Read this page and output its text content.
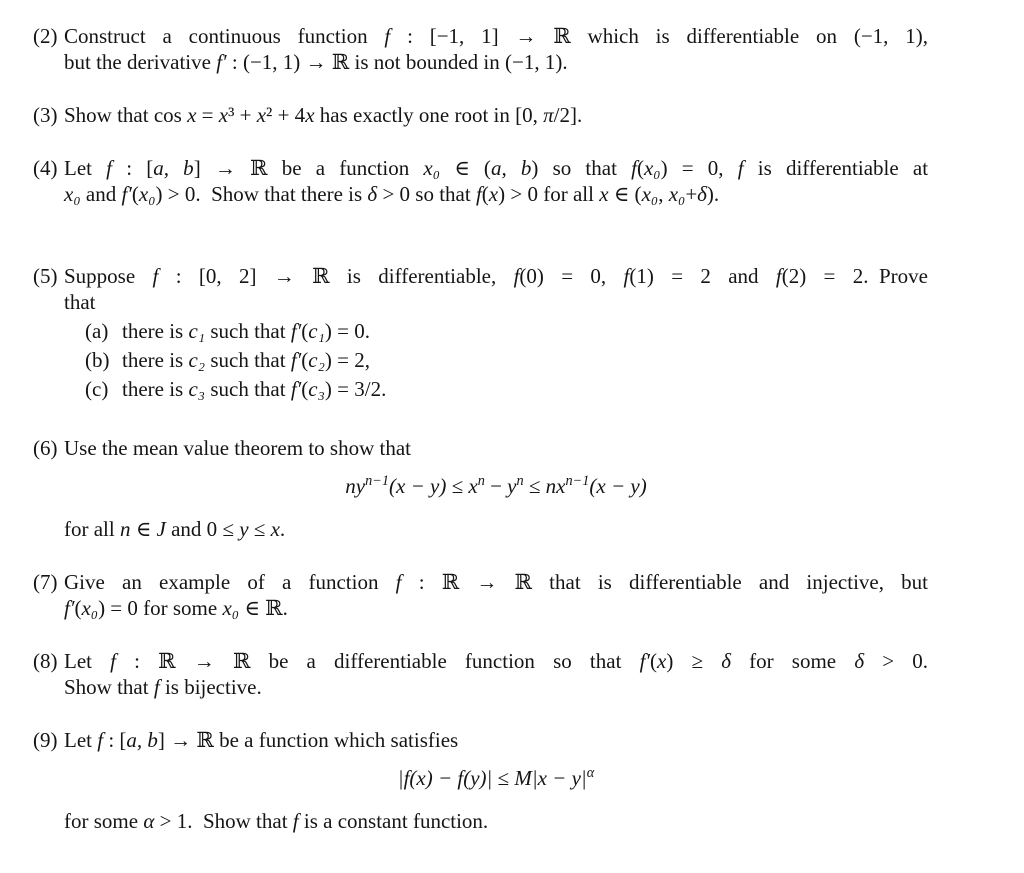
(2) Construct a continuous function f : [−1, 1] → ℝ which is differentiable on (−1, 1),
but the derivative f′ : (−1, 1) → ℝ is not bounded in (−1, 1).
(3) Show that cos x = x³ + x² + 4x has exactly one root in [0, π/2].
(4) Let f : [a, b] → ℝ be a function x₀ ∈ (a, b) so that f(x₀) = 0, f is differentiable at
x₀ and f′(x₀) > 0. Show that there is δ > 0 so that f(x) > 0 for all x ∈ (x₀, x₀+δ).
(5) Suppose f : [0, 2] → ℝ is differentiable, f(0) = 0, f(1) = 2 and f(2) = 2. Prove
that
(a) there is c₁ such that f′(c₁) = 0.
(b) there is c₂ such that f′(c₂) = 2,
(c) there is c₃ such that f′(c₃) = 3/2.
(6) Use the mean value theorem to show that
$ny^{n-1}(x - y) \le x^n - y^n \le nx^{n-1}(x - y)$
for all n ∈ J and 0 ≤ y ≤ x.
(7) Give an example of a function f : ℝ → ℝ that is differentiable and injective, but
f′(x₀) = 0 for some x₀ ∈ ℝ.
(8) Let f : ℝ → ℝ be a differentiable function so that f′(x) ≥ δ for some δ > 0.
Show that f is bijective.
(9) Let f : [a, b] → ℝ be a function which satisfies
$|f(x) - f(y)| \le M|x - y|^\alpha$
for some α > 1. Show that f is a constant function.
